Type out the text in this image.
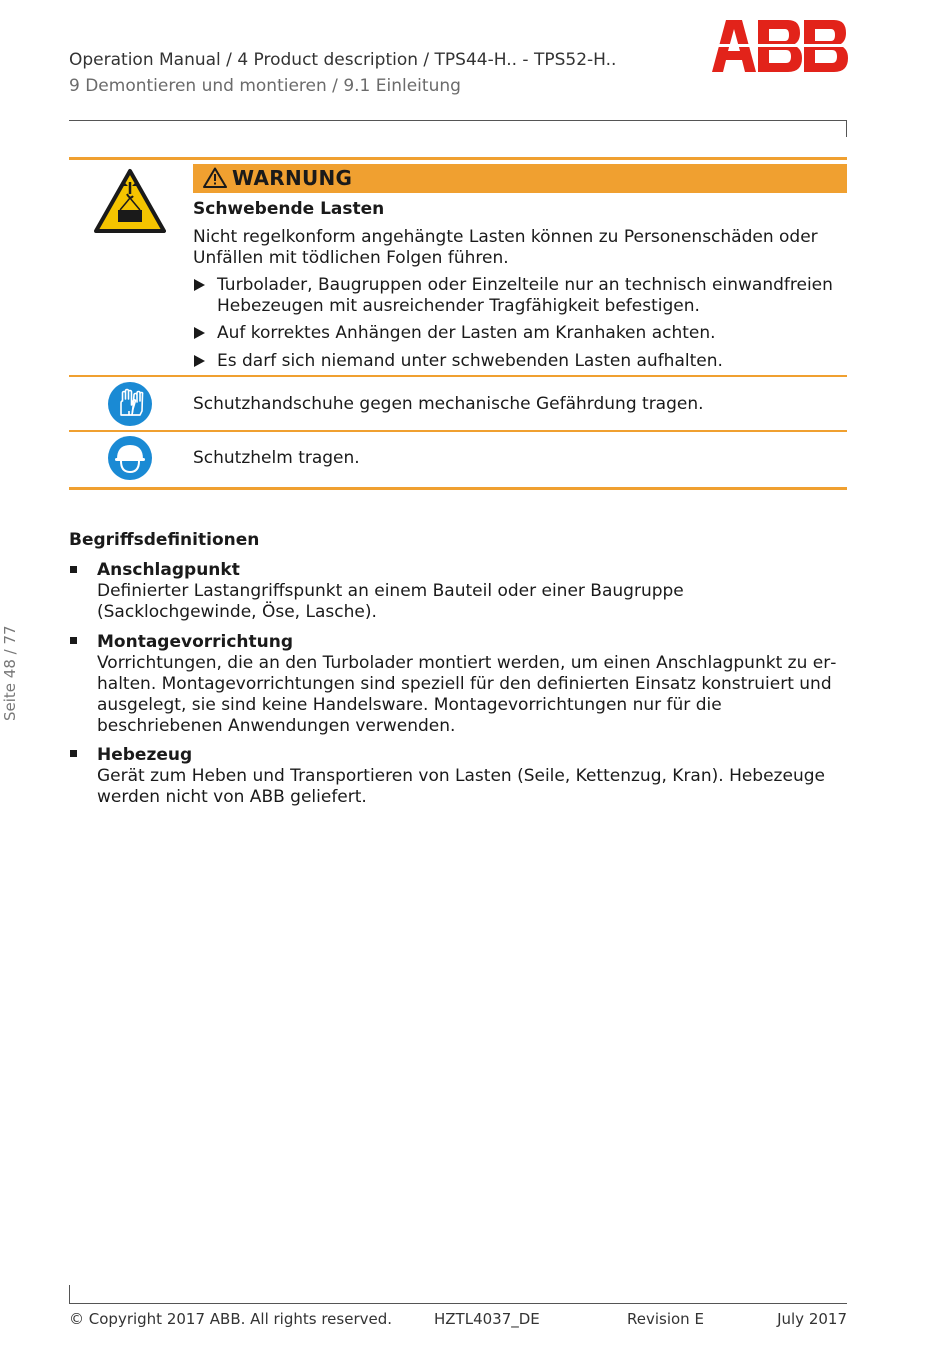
Operation Manual / 4 Product description / TPS44-H.. - TPS52-H..
9 Demontieren und montieren / 9.1 Einleitung
WARNUNG
Schwebende Lasten
Nicht regelkonform angehängte Lasten können zu Personenschäden oder Unfällen mit tödlichen Folgen führen.
Turbolader, Baugruppen oder Einzelteile nur an technisch einwandfreien Hebezeugen mit ausreichender Tragfähigkeit befestigen.
Auf korrektes Anhängen der Lasten am Kranhaken achten.
Es darf sich niemand unter schwebenden Lasten aufhalten.
Schutzhandschuhe gegen mechanische Gefährdung tragen.
Schutzhelm tragen.
Begriffsdefinitionen
Anschlagpunkt
Definierter Lastangriffspunkt an einem Bauteil oder einer Baugruppe (Sacklochgewinde, Öse, Lasche).
Montagevorrichtung
Vorrichtungen, die an den Turbolader montiert werden, um einen Anschlagpunkt zu erhalten. Montagevorrichtungen sind speziell für den definierten Einsatz konstruiert und ausgelegt, sie sind keine Handelsware. Montagevorrichtungen nur für die beschriebenen Anwendungen verwenden.
Hebezeug
Gerät zum Heben und Transportieren von Lasten (Seile, Kettenzug, Kran). Hebezeuge werden nicht von ABB geliefert.
Seite 48 / 77
© Copyright 2017 ABB. All rights reserved.	HZTL4037_DE	Revision E	July 2017
